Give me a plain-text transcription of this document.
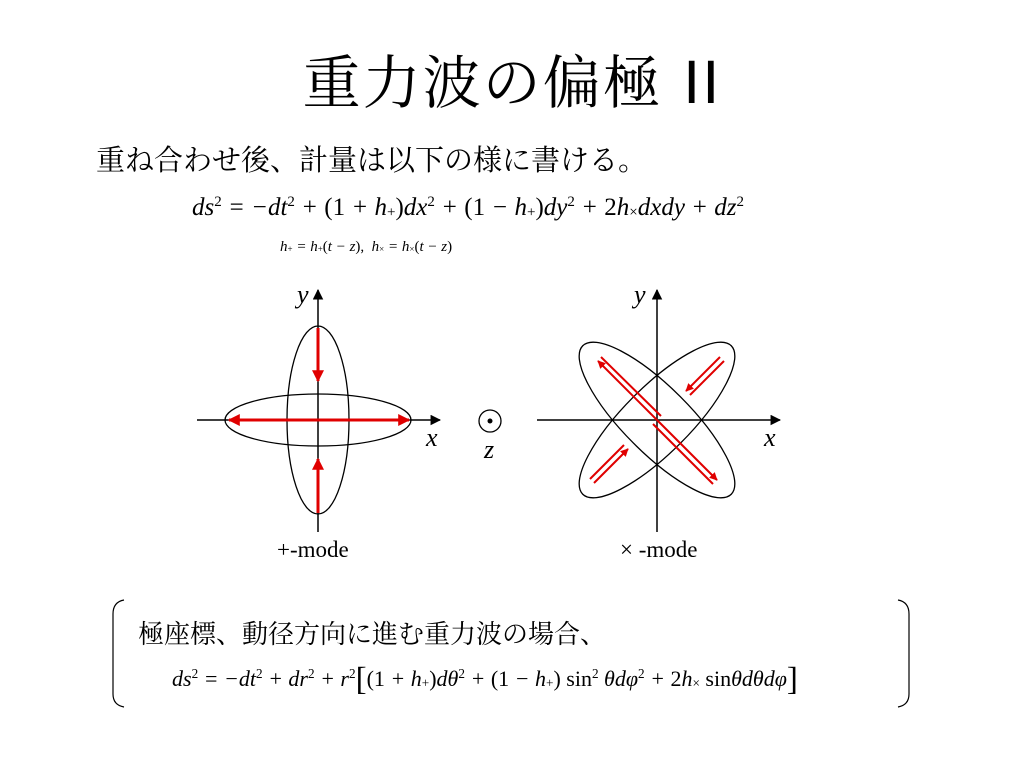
重力波の偏極 II
重ね合わせ後、計量は以下の様に書ける。
$ds^2 = -dt^2 + (1 + h_+)dx^2 + (1 - h_+)dy^2$ + $2h_\times dxdy + dz^2$
$h_+ = h_+(t - z)$,  $h_\times = h_\times(t - z)$
y
x z
y
x
+-mode	× -mode
極座標、動径方向に進む重力波の場合、
$ds^2 = -dt^2 + dr^2 + r^2[(1 + h_+)d\theta^2 + (1 - h_+)$ $\sin^2 \theta d\varphi^2 + 2h_\times$ sinθdθdφ]
